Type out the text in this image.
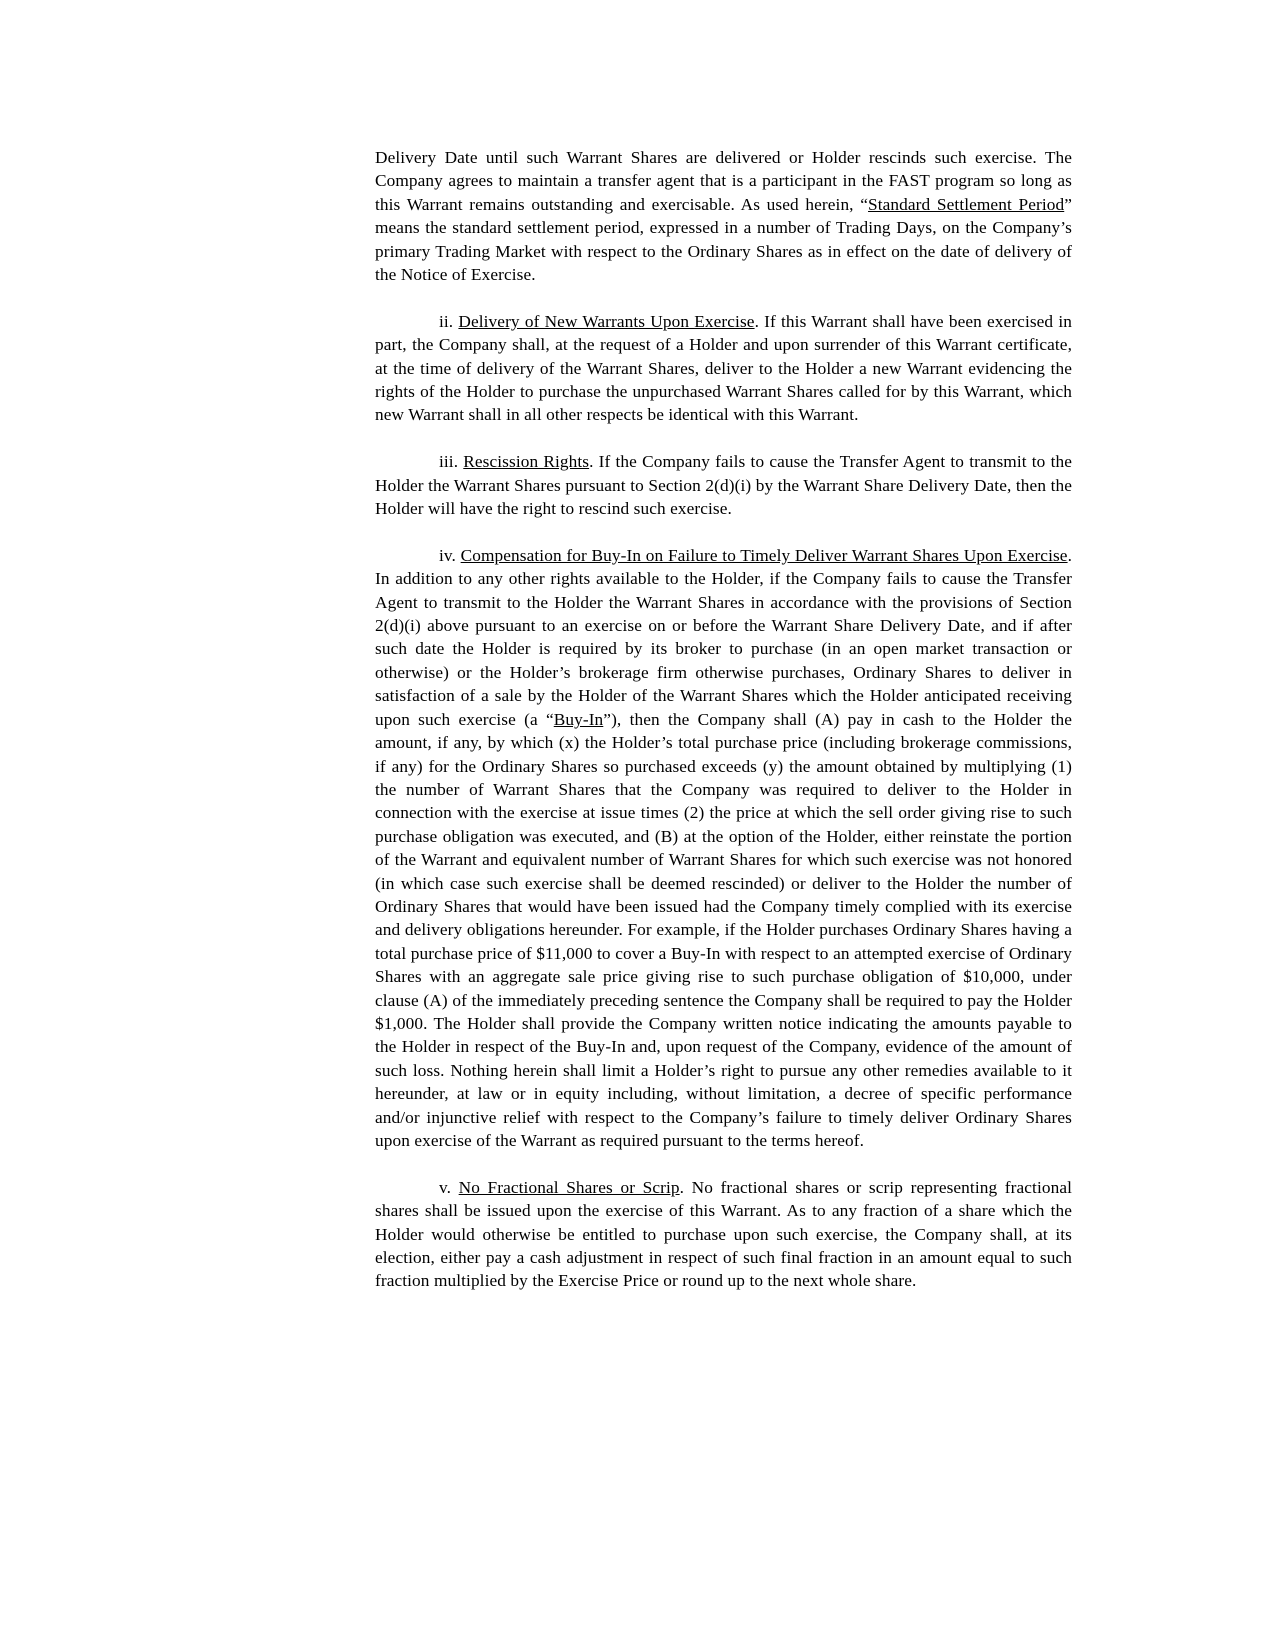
Delivery Date until such Warrant Shares are delivered or Holder rescinds such exercise. The Company agrees to maintain a transfer agent that is a participant in the FAST program so long as this Warrant remains outstanding and exercisable. As used herein, “Standard Settlement Period” means the standard settlement period, expressed in a number of Trading Days, on the Company’s primary Trading Market with respect to the Ordinary Shares as in effect on the date of delivery of the Notice of Exercise.

ii. Delivery of New Warrants Upon Exercise. If this Warrant shall have been exercised in part, the Company shall, at the request of a Holder and upon surrender of this Warrant certificate, at the time of delivery of the Warrant Shares, deliver to the Holder a new Warrant evidencing the rights of the Holder to purchase the unpurchased Warrant Shares called for by this Warrant, which new Warrant shall in all other respects be identical with this Warrant.

iii. Rescission Rights. If the Company fails to cause the Transfer Agent to transmit to the Holder the Warrant Shares pursuant to Section 2(d)(i) by the Warrant Share Delivery Date, then the Holder will have the right to rescind such exercise.

iv. Compensation for Buy-In on Failure to Timely Deliver Warrant Shares Upon Exercise. In addition to any other rights available to the Holder, if the Company fails to cause the Transfer Agent to transmit to the Holder the Warrant Shares in accordance with the provisions of Section 2(d)(i) above pursuant to an exercise on or before the Warrant Share Delivery Date, and if after such date the Holder is required by its broker to purchase (in an open market transaction or otherwise) or the Holder’s brokerage firm otherwise purchases, Ordinary Shares to deliver in satisfaction of a sale by the Holder of the Warrant Shares which the Holder anticipated receiving upon such exercise (a “Buy-In”), then the Company shall (A) pay in cash to the Holder the amount, if any, by which (x) the Holder’s total purchase price (including brokerage commissions, if any) for the Ordinary Shares so purchased exceeds (y) the amount obtained by multiplying (1) the number of Warrant Shares that the Company was required to deliver to the Holder in connection with the exercise at issue times (2) the price at which the sell order giving rise to such purchase obligation was executed, and (B) at the option of the Holder, either reinstate the portion of the Warrant and equivalent number of Warrant Shares for which such exercise was not honored (in which case such exercise shall be deemed rescinded) or deliver to the Holder the number of Ordinary Shares that would have been issued had the Company timely complied with its exercise and delivery obligations hereunder. For example, if the Holder purchases Ordinary Shares having a total purchase price of $11,000 to cover a Buy-In with respect to an attempted exercise of Ordinary Shares with an aggregate sale price giving rise to such purchase obligation of $10,000, under clause (A) of the immediately preceding sentence the Company shall be required to pay the Holder $1,000. The Holder shall provide the Company written notice indicating the amounts payable to the Holder in respect of the Buy-In and, upon request of the Company, evidence of the amount of such loss. Nothing herein shall limit a Holder’s right to pursue any other remedies available to it hereunder, at law or in equity including, without limitation, a decree of specific performance and/or injunctive relief with respect to the Company’s failure to timely deliver Ordinary Shares upon exercise of the Warrant as required pursuant to the terms hereof.

v. No Fractional Shares or Scrip. No fractional shares or scrip representing fractional shares shall be issued upon the exercise of this Warrant. As to any fraction of a share which the Holder would otherwise be entitled to purchase upon such exercise, the Company shall, at its election, either pay a cash adjustment in respect of such final fraction in an amount equal to such fraction multiplied by the Exercise Price or round up to the next whole share.
